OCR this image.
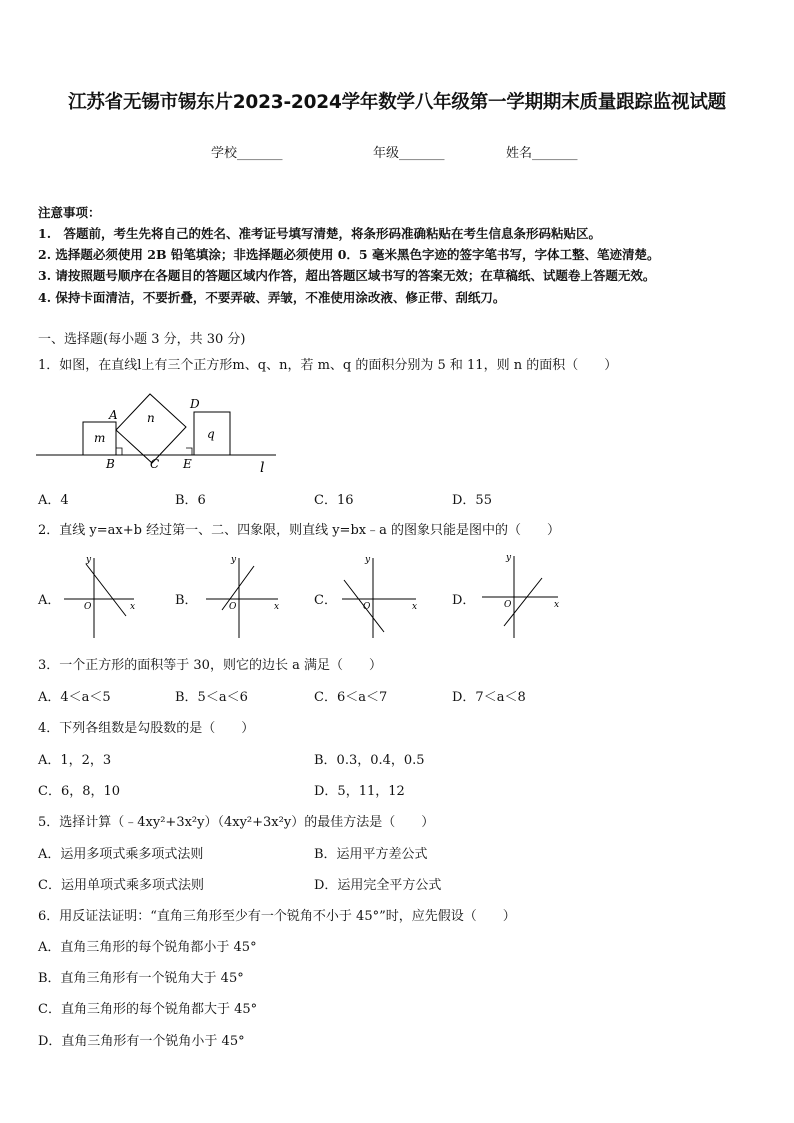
江苏省无锡市锡东片2023-2024学年数学八年级第一学期期末质量跟踪监视试题
学校_______	年级_______	姓名_______
注意事项：
1.　答题前，考生先将自己的姓名、准考证号填写清楚，将条形码准确粘贴在考生信息条形码粘贴区。
2. 选择题必须使用 2B 铅笔填涂；非选择题必须使用 0．5 毫米黑色字迹的签字笔书写，字体工整、笔迹清楚。
3. 请按照题号顺序在各题目的答题区域内作答，超出答题区域书写的答案无效；在草稿纸、试题卷上答题无效。
4. 保持卡面清洁，不要折叠，不要弄破、弄皱，不准使用涂改液、修正带、刮纸刀。
一、选择题(每小题 3 分，共 30 分)
1．如图，在直线l上有三个正方形m、q、n，若 m、q 的面积分别为 5 和 11，则 n 的面积（　　）
A
B	C
D
E
m
n
q
l
A．4	B．6	C．16	D．55
2．直线 y=ax+b 经过第一、二、四象限，则直线 y=bx﹣a 的图象只能是图中的（　　）
A．
y
x
O	B．
y
x
O	C．
y
x
O	D．
y
x
O
3．一个正方形的面积等于 30，则它的边长 a 满足（　　）
A．4＜a＜5	B．5＜a＜6	C．6＜a＜7	D．7＜a＜8
4．下列各组数是勾股数的是（　　）
A．1，2，3	B．0.3，0.4，0.5
C．6，8，10	D．5，11，12
5．选择计算（﹣4xy²+3x²y）（4xy²+3x²y）的最佳方法是（　　）
A．运用多项式乘多项式法则	B．运用平方差公式
C．运用单项式乘多项式法则	D．运用完全平方公式
6．用反证法证明：“直角三角形至少有一个锐角不小于 45°”时，应先假设（　　）
A．直角三角形的每个锐角都小于 45°
B．直角三角形有一个锐角大于 45°
C．直角三角形的每个锐角都大于 45°
D．直角三角形有一个锐角小于 45°
